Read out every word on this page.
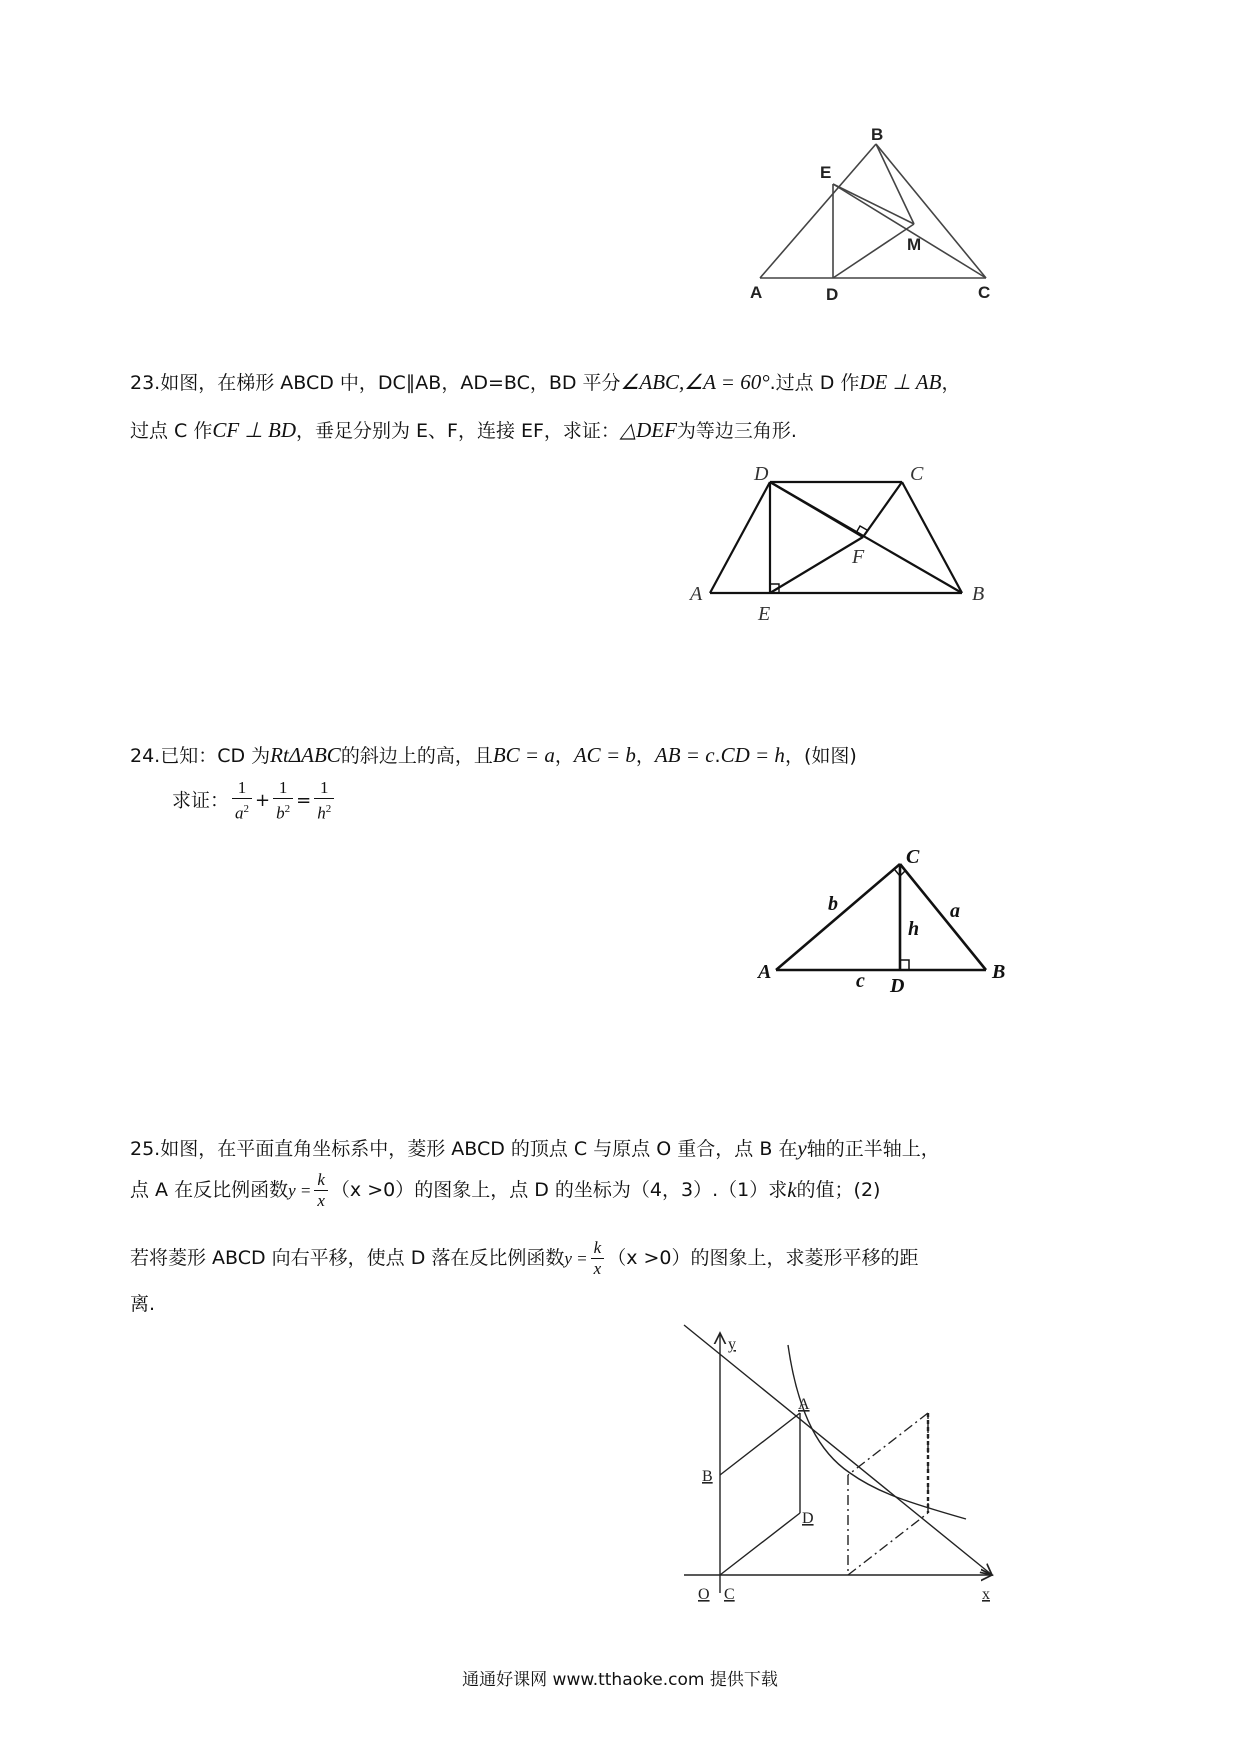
B
E
M
A	D	C
23.如图，在梯形 ABCD 中，DC∥AB，AD=BC，BD 平分∠ABC,∠A = 60°.过点 D 作DE ⊥ AB，
过点 C 作CF ⊥ BD，垂足分别为 E、F，连接 EF，求证：△DEF为等边三角形.
D	C
A	B
E
F
24.已知：CD 为RtΔABC的斜边上的高，且BC = a，AC = b，AB = c.CD = h，(如图)
求证： $\frac{1}{a^2} + \frac{1}{b^2} = \frac{1}{h^2}$
C
A	B
D
b	a
c
h
25.如图，在平面直角坐标系中，菱形 ABCD 的顶点 C 与原点 O 重合，点 B 在y轴的正半轴上，
点 A 在反比例函数$y = \frac{k}{x} (x >0)$的图象上，点 D 的坐标为（4，3）.（1）求k的值；(2)
若将菱形 ABCD 向右平移，使点 D 落在反比例函数$y = \frac{k}{x} (x >0)$的图象上，求菱形平移的距
离.
y
A
B
D
O C	x
通通好课网 www.tthaoke.com 提供下载
